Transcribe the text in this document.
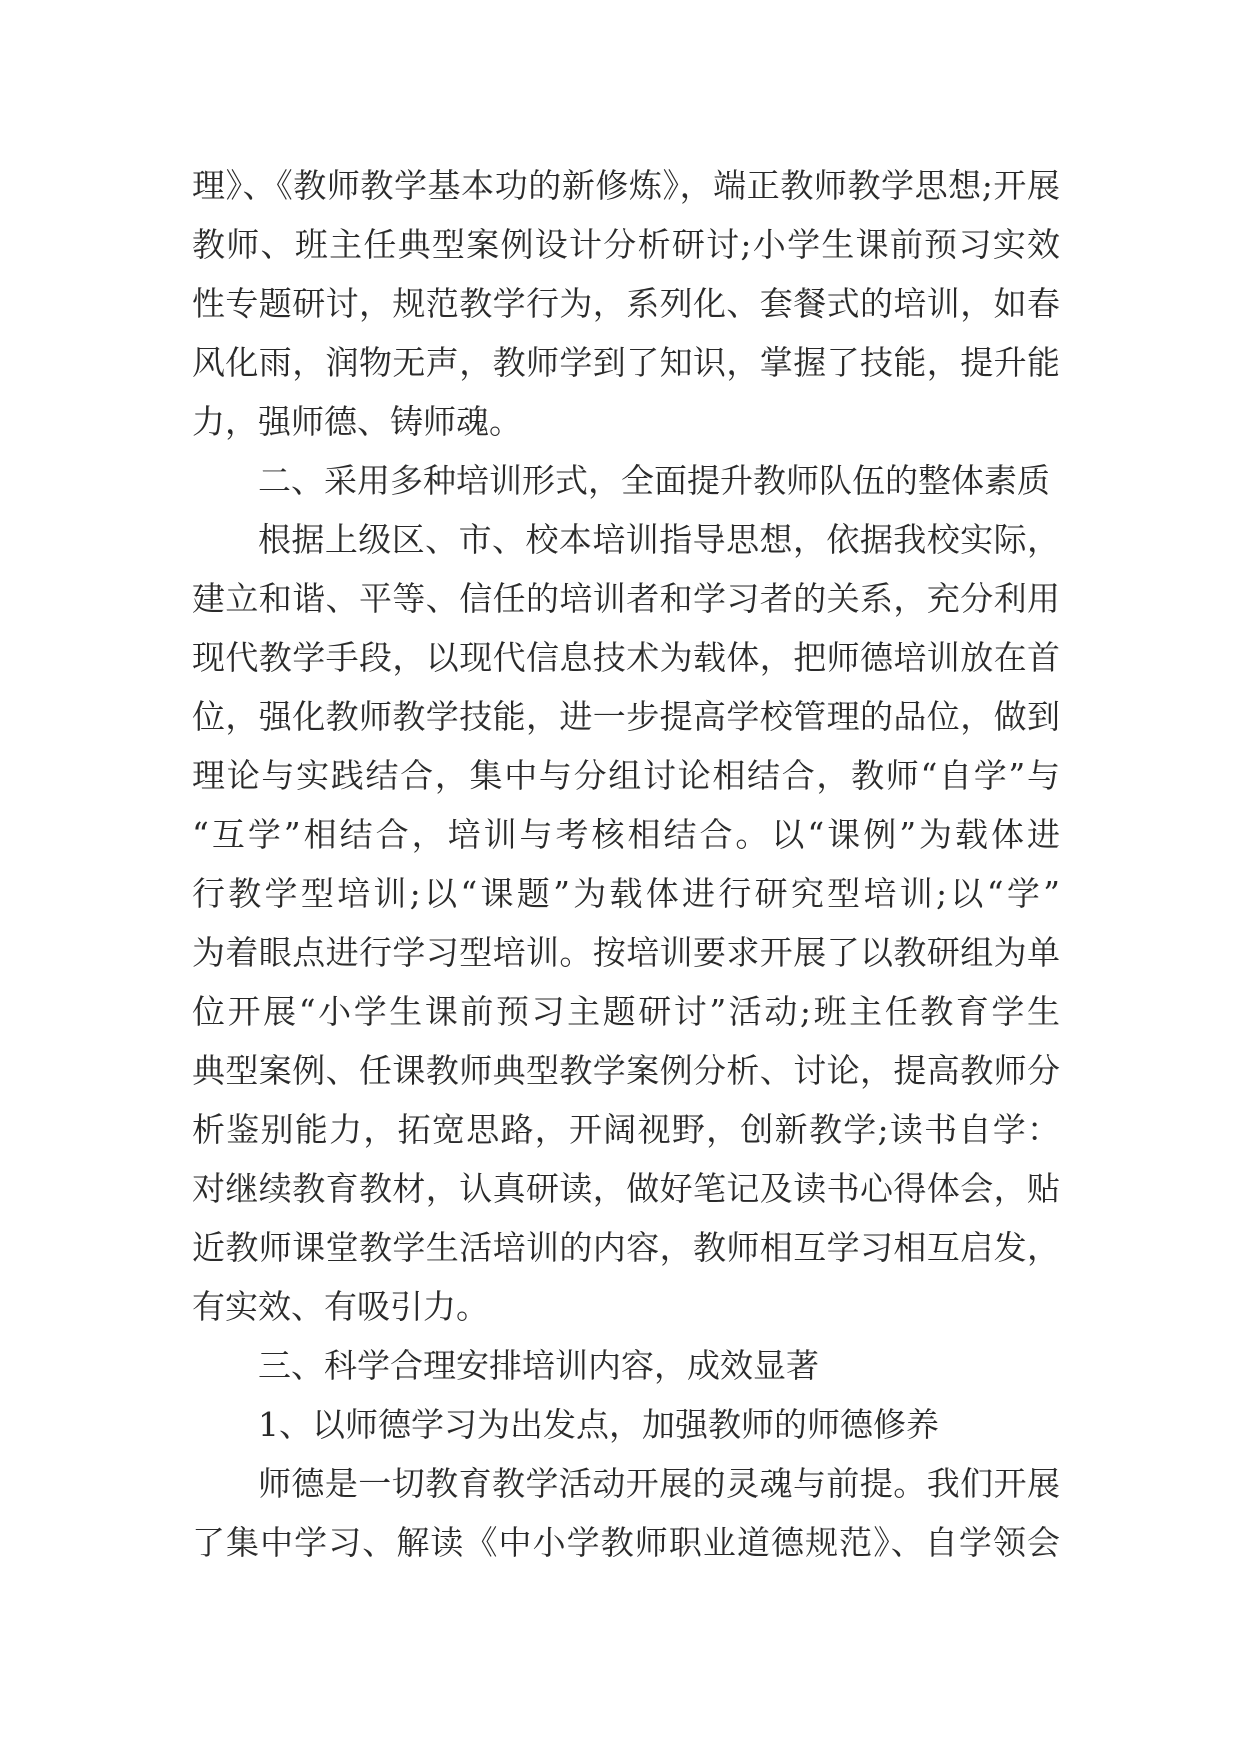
理》、《教师教学基本功的新修炼》，端正教师教学思想;开展
教师、班主任典型案例设计分析研讨;小学生课前预习实效
性专题研讨，规范教学行为，系列化、套餐式的培训，如春
风化雨，润物无声，教师学到了知识，掌握了技能，提升能
力，强师德、铸师魂。
二、采用多种培训形式，全面提升教师队伍的整体素质
根据上级区、市、校本培训指导思想，依据我校实际，
建立和谐、平等、信任的培训者和学习者的关系，充分利用
现代教学手段，以现代信息技术为载体，把师德培训放在首
位，强化教师教学技能，进一步提高学校管理的品位，做到
理论与实践结合，集中与分组讨论相结合，教师“自学”与
“互学”相结合，培训与考核相结合。以“课例”为载体进
行教学型培训;以“课题”为载体进行研究型培训;以“学”
为着眼点进行学习型培训。按培训要求开展了以教研组为单
位开展“小学生课前预习主题研讨”活动;班主任教育学生
典型案例、任课教师典型教学案例分析、讨论，提高教师分
析鉴别能力，拓宽思路，开阔视野，创新教学;读书自学：
对继续教育教材，认真研读，做好笔记及读书心得体会，贴
近教师课堂教学生活培训的内容，教师相互学习相互启发，
有实效、有吸引力。
三、科学合理安排培训内容，成效显著
1、以师德学习为出发点，加强教师的师德修养
师德是一切教育教学活动开展的灵魂与前提。我们开展
了集中学习、解读《中小学教师职业道德规范》、自学领会
